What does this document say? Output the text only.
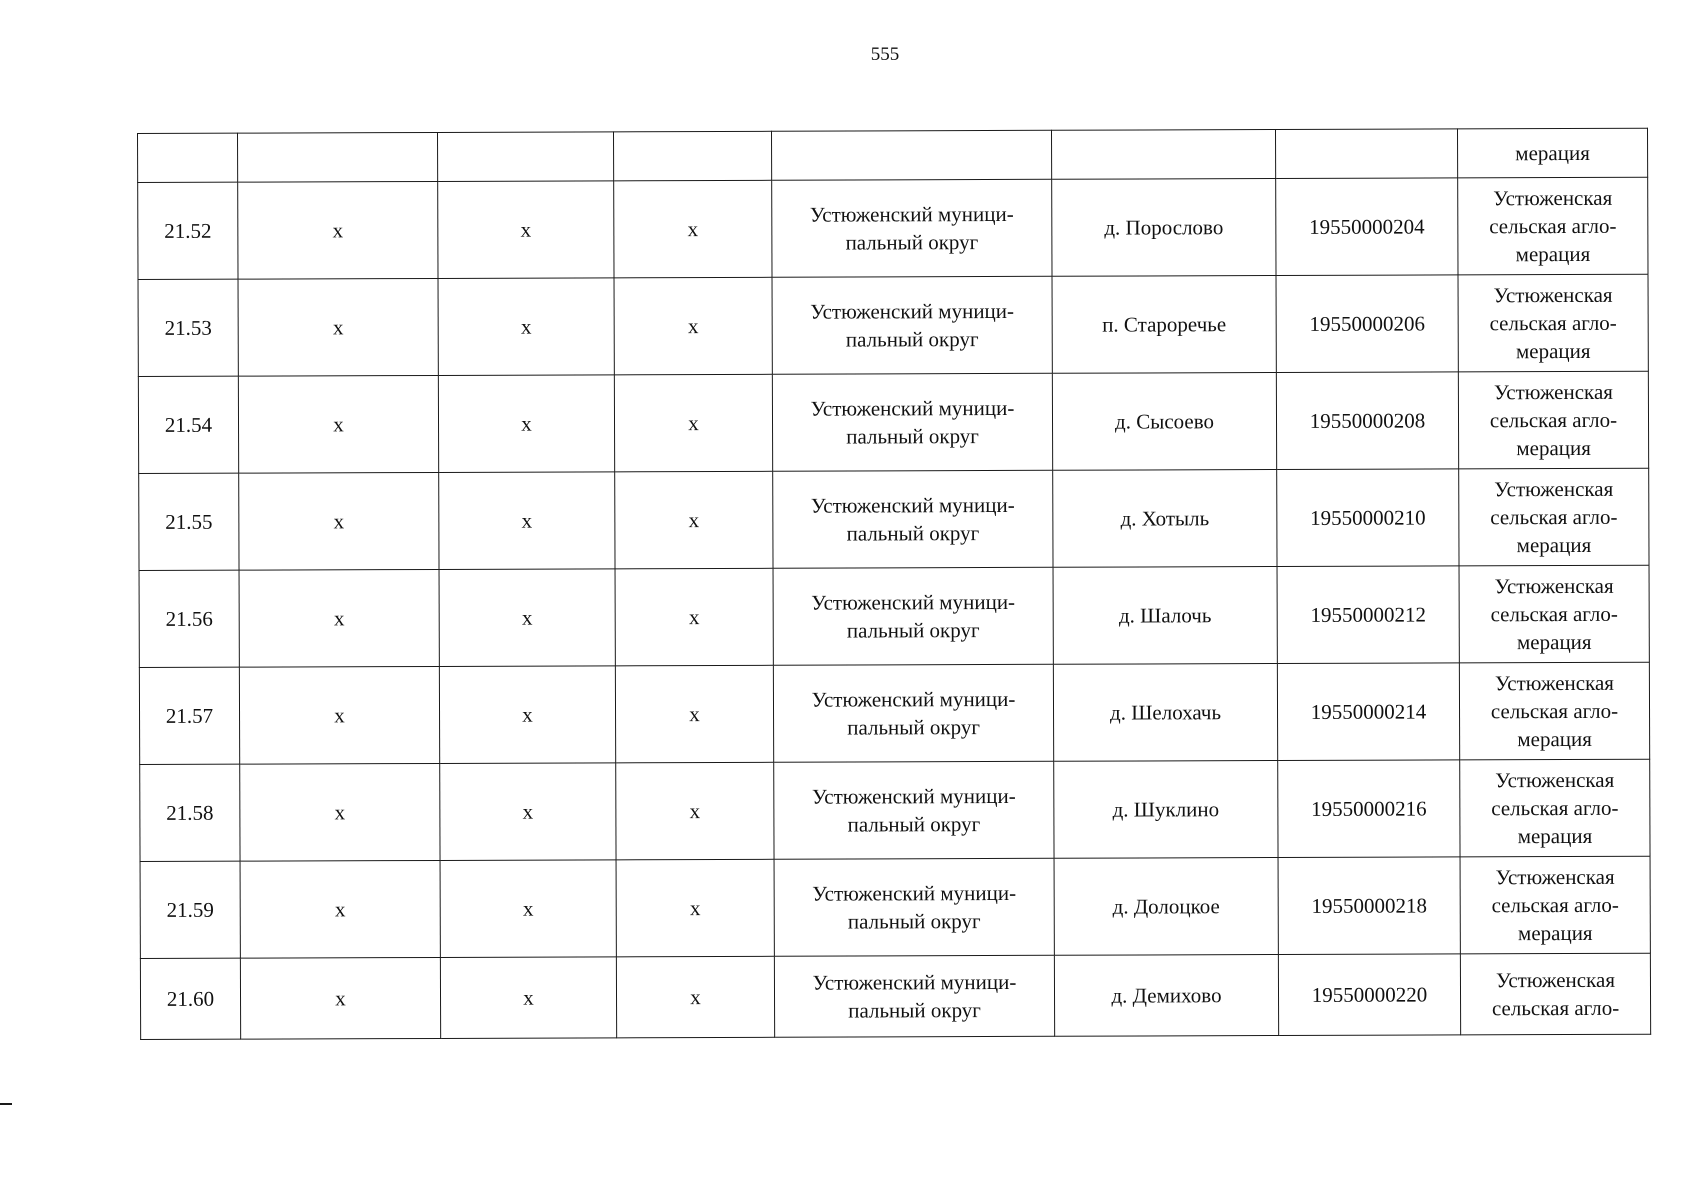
555
							мерация
21.52	х	х	х	Устюженский муници-
пальный округ	д. Порослово	19550000204	Устюженская
сельская агло-
мерация
21.53	х	х	х	Устюженский муници-
пальный округ	п. Старoречье	19550000206	Устюженская
сельская агло-
мерация
21.54	х	х	х	Устюженский муници-
пальный округ	д. Сысоево	19550000208	Устюженская
сельская агло-
мерация
21.55	х	х	х	Устюженский муници-
пальный округ	д. Хотыль	19550000210	Устюженская
сельская агло-
мерация
21.56	х	х	х	Устюженский муници-
пальный округ	д. Шалочь	19550000212	Устюженская
сельская агло-
мерация
21.57	х	х	х	Устюженский муници-
пальный округ	д. Шелохачь	19550000214	Устюженская
сельская агло-
мерация
21.58	х	х	х	Устюженский муници-
пальный округ	д. Шуклино	19550000216	Устюженская
сельская агло-
мерация
21.59	х	х	х	Устюженский муници-
пальный округ	д. Долоцкое	19550000218	Устюженская
сельская агло-
мерация
21.60	х	х	х	Устюженский муници-
пальный округ	д. Демихово	19550000220	Устюженская
сельская агло-
